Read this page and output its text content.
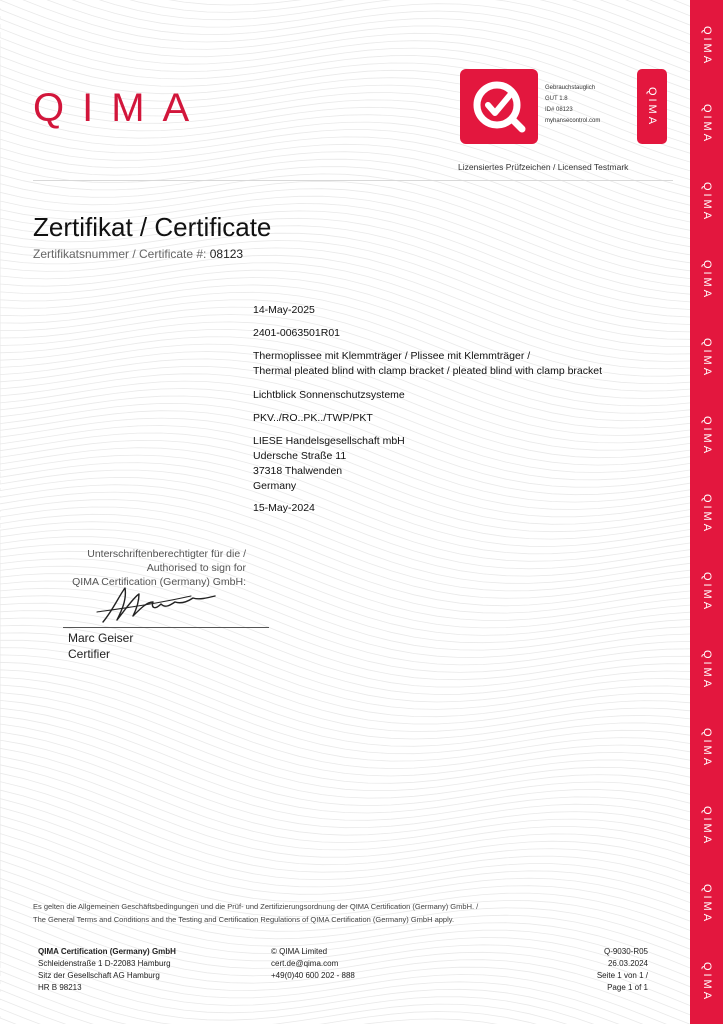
QIMA
QIMA
QIMA
QIMA
QIMA
QIMA
QIMA
QIMA
QIMA
QIMA
QIMA
QIMA
QIMA
QIMA	Gebrauchstauglich
GUT 1.8
ID# 08123
myhansecontrol.com	QIMA
Lizensiertes Prüfzeichen / Licensed Testmark
Zertifikat / Certificate
Zertifikatsnummer / Certificate #: 08123
14-May-2025
2401-0063501R01
Thermoplissee mit Klemmträger / Plissee mit Klemmträger /
Thermal pleated blind with clamp bracket / pleated blind with clamp bracket
Lichtblick Sonnenschutzsysteme
PKV../RO..PK../TWP/PKT
LIESE Handelsgesellschaft mbH
Udersche Straße 11
37318 Thalwenden
Germany
15-May-2024
Unterschriftenberechtigter für die /
Authorised to sign for
QIMA Certification (Germany) GmbH:
Marc Geiser
Certifier
Es gelten die Allgemeinen Geschäftsbedingungen und die Prüf- und Zertifizierungsordnung der QIMA Certification (Germany) GmbH. /
The General Terms and Conditions and the Testing and Certification Regulations of QIMA Certification (Germany) GmbH apply.
QIMA Certification (Germany) GmbH
Schleidenstraße 1 D-22083 Hamburg
Sitz der Gesellschaft AG Hamburg
HR B 98213
© QIMA Limited
cert.de@qima.com
+49(0)40 600 202 - 888
Q-9030-R05
26.03.2024
Seite 1 von 1 /
Page 1 of 1
